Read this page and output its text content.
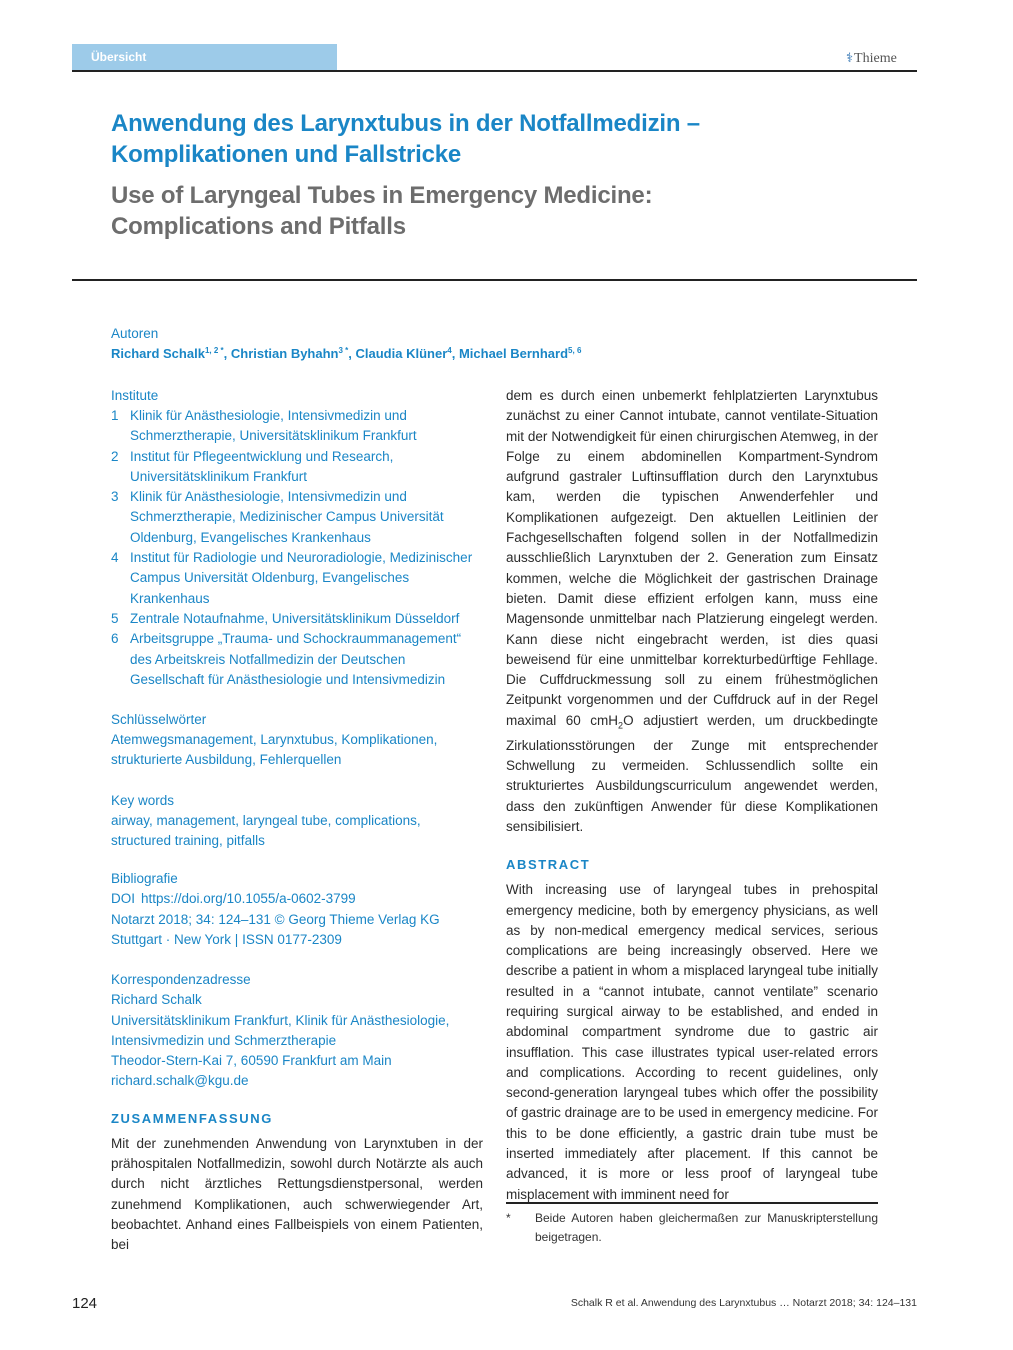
Übersicht	⚕Thieme
Anwendung des Larynxtubus in der Notfallmedizin –
Komplikationen und Fallstricke
Use of Laryngeal Tubes in Emergency Medicine:
Complications and Pitfalls
Autoren
Richard Schalk$^{1, 2 *}$, Christian Byhahn$^{3 *}$, Claudia Klüner$^4$, Michael Bernhard$^{5, 6}$
Institute
1 Klinik für Anästhesiologie, Intensivmedizin und Schmerztherapie, Universitätsklinikum Frankfurt
2 Institut für Pflegeentwicklung und Research, Universitätsklinikum Frankfurt
3 Klinik für Anästhesiologie, Intensivmedizin und Schmerztherapie, Medizinischer Campus Universität Oldenburg, Evangelisches Krankenhaus
4 Institut für Radiologie und Neuroradiologie, Medizinischer Campus Universität Oldenburg, Evangelisches Krankenhaus
5 Zentrale Notaufnahme, Universitätsklinikum Düsseldorf
6 Arbeitsgruppe „Trauma- und Schockraummanagement“ des Arbeitskreis Notfallmedizin der Deutschen Gesellschaft für Anästhesiologie und Intensivmedizin
Schlüsselwörter
Atemwegsmanagement, Larynxtubus, Komplikationen, strukturierte Ausbildung, Fehlerquellen
Key words
airway, management, laryngeal tube, complications, structured training, pitfalls
Bibliografie
DOI https://doi.org/10.1055/a-0602-3799
Notarzt 2018; 34: 124–131 © Georg Thieme Verlag KG Stuttgart · New York | ISSN 0177-2309
Korrespondenzadresse
Richard Schalk
Universitätsklinikum Frankfurt, Klinik für Anästhesiologie, Intensivmedizin und Schmerztherapie
Theodor-Stern-Kai 7, 60590 Frankfurt am Main
richard.schalk@kgu.de
ZUSAMMENFASSUNG
Mit der zunehmenden Anwendung von Larynxtuben in der prähospitalen Notfallmedizin, sowohl durch Notärzte als auch durch nicht ärztliches Rettungsdienstpersonal, werden zunehmend Komplikationen, auch schwerwiegender Art, beobachtet. Anhand eines Fallbeispiels von einem Patienten, bei
dem es durch einen unbemerkt fehlplatzierten Larynxtubus zunächst zu einer Cannot intubate, cannot ventilate-Situation mit der Notwendigkeit für einen chirurgischen Atemweg, in der Folge zu einem abdominellen Kompartment-Syndrom aufgrund gastraler Luftinsufflation durch den Larynxtubus kam, werden die typischen Anwenderfehler und Komplikationen aufgezeigt. Den aktuellen Leitlinien der Fachgesellschaften folgend sollen in der Notfallmedizin ausschließlich Larynxtuben der 2. Generation zum Einsatz kommen, welche die Möglichkeit der gastrischen Drainage bieten. Damit diese effizient erfolgen kann, muss eine Magensonde unmittelbar nach Platzierung eingelegt werden. Kann diese nicht eingebracht werden, ist dies quasi beweisend für eine unmittelbar korrekturbedürftige Fehllage. Die Cuffdruckmessung soll zu einem frühestmöglichen Zeitpunkt vorgenommen und der Cuffdruck auf in der Regel maximal 60 cmH$_2$O adjustiert werden, um druckbedingte Zirkulationsstörungen der Zunge mit entsprechender Schwellung zu vermeiden. Schlussendlich sollte ein strukturiertes Ausbildungscurriculum angewendet werden, dass den zukünftigen Anwender für diese Komplikationen sensibilisiert.
ABSTRACT
With increasing use of laryngeal tubes in prehospital emergency medicine, both by emergency physicians, as well as by non-medical emergency medical services, serious complications are being increasingly observed. Here we describe a patient in whom a misplaced laryngeal tube initially resulted in a “cannot intubate, cannot ventilate” scenario requiring surgical airway to be established, and ended in abdominal compartment syndrome due to gastric air insufflation. This case illustrates typical user-related errors and complications. According to recent guidelines, only second-generation laryngeal tubes which offer the possibility of gastric drainage are to be used in emergency medicine. For this to be done efficiently, a gastric drain tube must be inserted immediately after placement. If this cannot be advanced, it is more or less proof of laryngeal tube misplacement with imminent need for
*	Beide Autoren haben gleichermaßen zur Manuskripterstellung beigetragen.
124	Schalk R et al. Anwendung des Larynxtubus … Notarzt 2018; 34: 124–131
